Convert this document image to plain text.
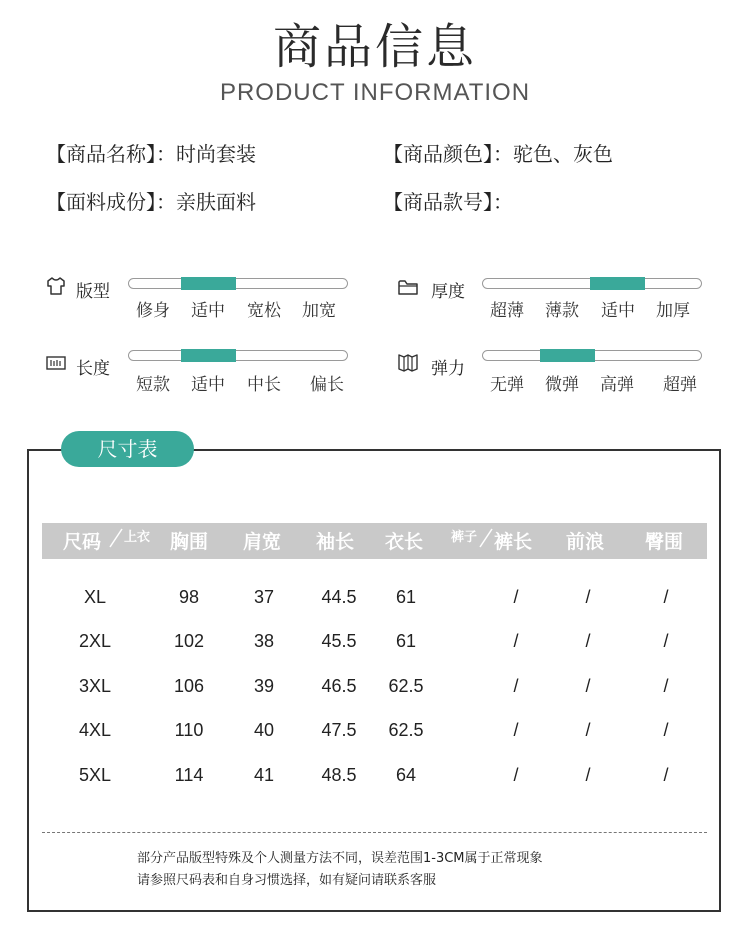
商品信息
PRODUCT INFORMATION
【商品名称】：时尚套装	【商品颜色】：驼色、灰色
【面料成份】：亲肤面料	【商品款号】：
版型
修身 适中 宽松 加宽
长度
短款 适中 中长 偏长
厚度
超薄 薄款 适中 加厚
弹力
无弹 微弹 高弹 超弹
尺寸表
尺码 上衣 胸围 肩宽 袖长 衣长 裤子 裤长 前浪 臀围
XL	98	37	44.5	61	/	/	/
2XL	102	38	45.5	61	/	/	/
3XL	106	39	46.5	62.5	/	/	/
4XL	110	40	47.5	62.5	/	/	/
5XL	114	41	48.5	64	/	/	/
部分产品版型特殊及个人测量方法不同，误差范围1-3CM属于正常现象
请参照尺码表和自身习惯选择，如有疑问请联系客服
